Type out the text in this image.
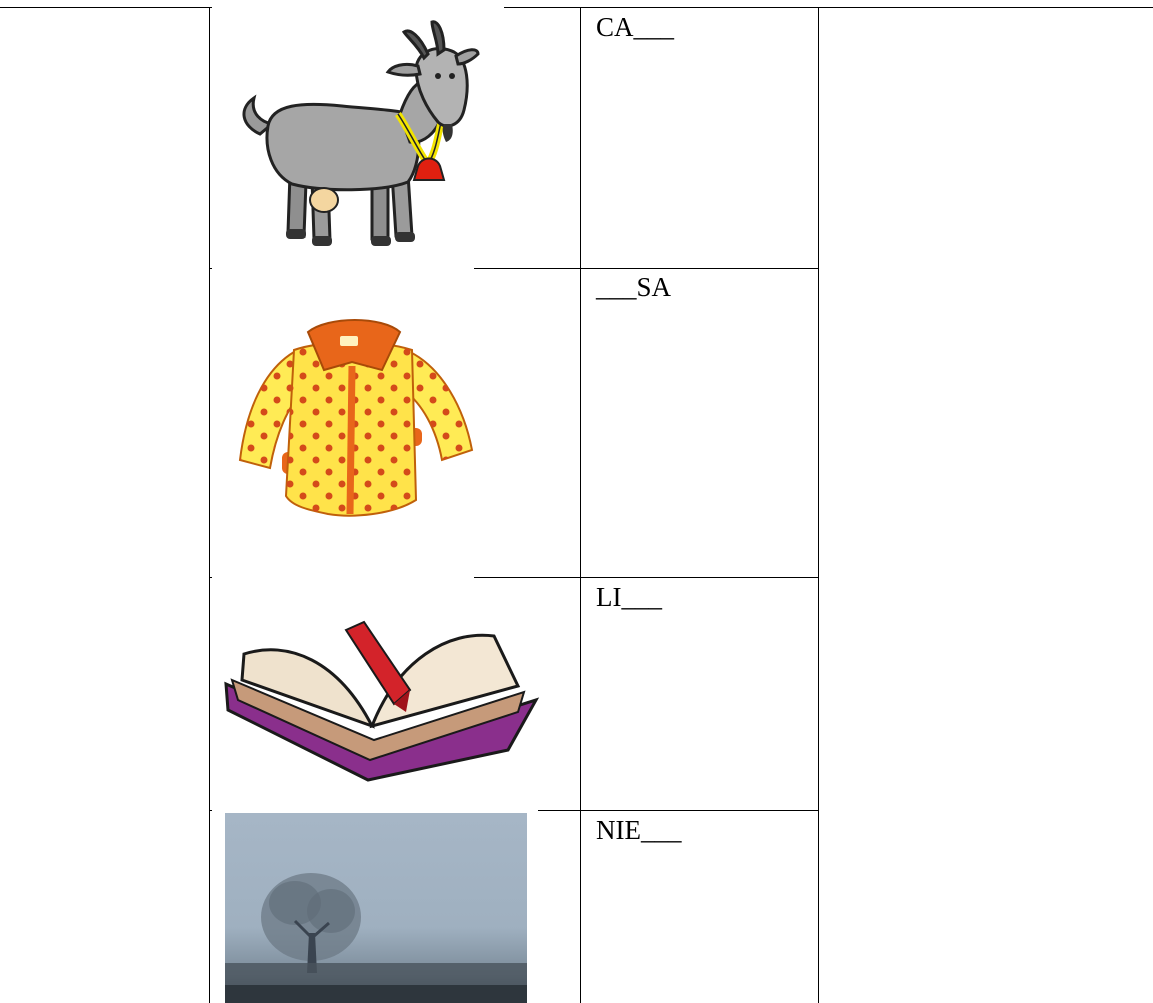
CA___
___SA
LI___
NIE___
